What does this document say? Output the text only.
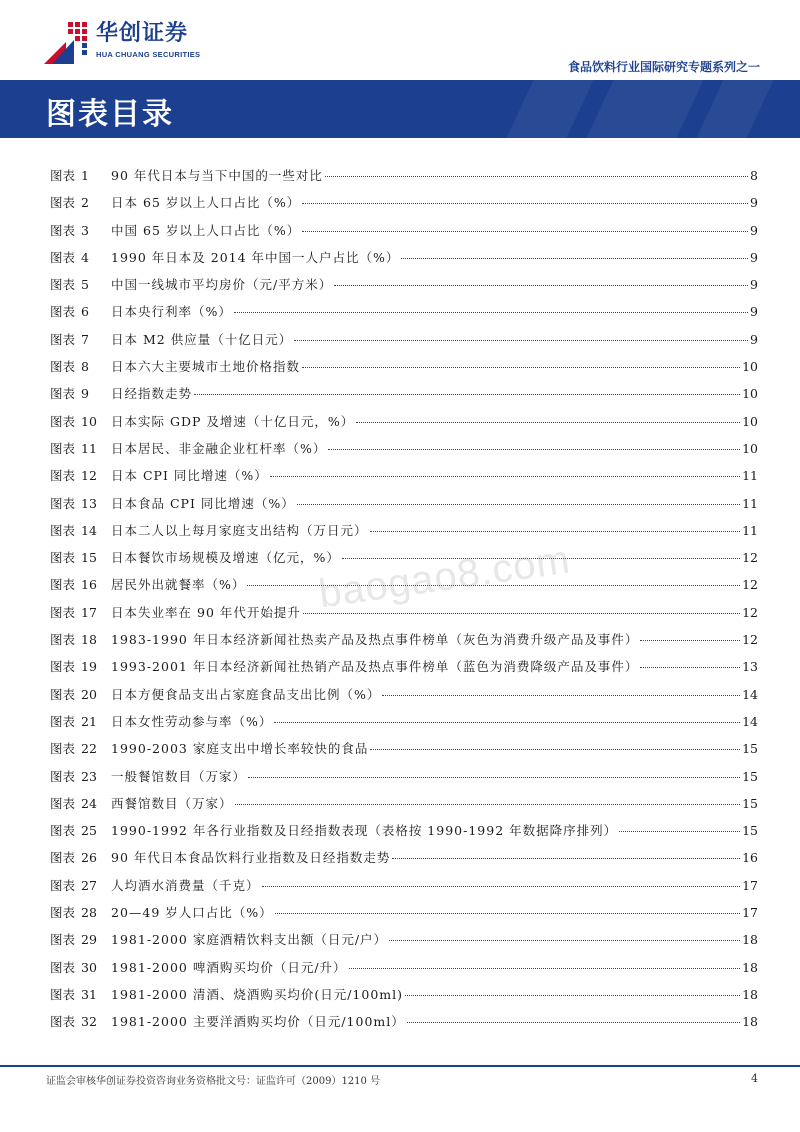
华创证券
HUA CHUANG SECURITIES
食品饮料行业国际研究专题系列之一
图表目录
图表 1	90 年代日本与当下中国的一些对比	8
图表 2	日本 65 岁以上人口占比（%）	9
图表 3	中国 65 岁以上人口占比（%）	9
图表 4	1990 年日本及 2014 年中国一人户占比（%）	9
图表 5	中国一线城市平均房价（元/平方米）	9
图表 6	日本央行利率（%）	9
图表 7	日本 M2 供应量（十亿日元）	9
图表 8	日本六大主要城市土地价格指数	10
图表 9	日经指数走势	10
图表 10	日本实际 GDP 及增速（十亿日元，%）	10
图表 11	日本居民、非金融企业杠杆率（%）	10
图表 12	日本 CPI 同比增速（%）	11
图表 13	日本食品 CPI 同比增速（%）	11
图表 14	日本二人以上每月家庭支出结构（万日元）	11
图表 15	日本餐饮市场规模及增速（亿元，%）	12
图表 16	居民外出就餐率（%）	12
图表 17	日本失业率在 90 年代开始提升	12
图表 18	1983-1990 年日本经济新闻社热卖产品及热点事件榜单（灰色为消费升级产品及事件）	12
图表 19	1993-2001 年日本经济新闻社热销产品及热点事件榜单（蓝色为消费降级产品及事件）	13
图表 20	日本方便食品支出占家庭食品支出比例（%）	14
图表 21	日本女性劳动参与率（%）	14
图表 22	1990-2003 家庭支出中增长率较快的食品	15
图表 23	一般餐馆数目（万家）	15
图表 24	西餐馆数目（万家）	15
图表 25	1990-1992 年各行业指数及日经指数表现（表格按 1990-1992 年数据降序排列）	15
图表 26	90 年代日本食品饮料行业指数及日经指数走势	16
图表 27	人均酒水消费量（千克）	17
图表 28	20—49 岁人口占比（%）	17
图表 29	1981-2000 家庭酒精饮料支出额（日元/户）	18
图表 30	1981-2000 啤酒购买均价（日元/升）	18
图表 31	1981-2000 清酒、烧酒购买均价(日元/100ml)	18
图表 32	1981-2000 主要洋酒购买均价（日元/100ml）	18
baogao8.com
证监会审核华创证券投资咨询业务资格批文号：证监许可（2009）1210 号	4
